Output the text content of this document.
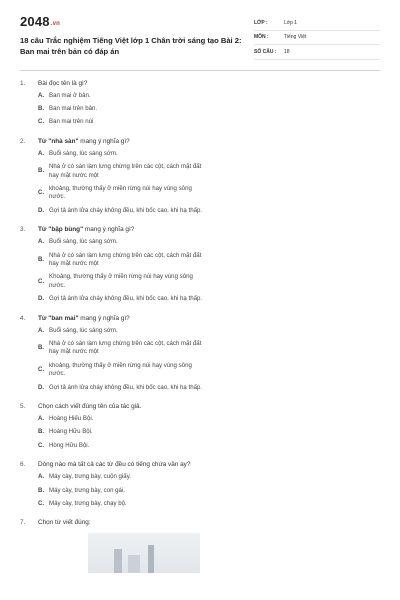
2048.vn
18 câu Trắc nghiệm Tiếng Việt lớp 1 Chân trời sáng tạo Bài 2: Ban mai trên bản có đáp án
LỚP :	Lớp 1
MÔN :	Tiếng Việt
SỐ CÂU :	18
1.	Bài đọc tên là gì?
A. Ban mai ở bản.
B. Ban mai trên bản.
C. Ban mai trên núi
2.	Từ "nhà sàn" mang ý nghĩa gì?
A. Buổi sáng, lúc sáng sớm.
B.
Nhà ở có sàn làm lưng chừng trên các cột, cách mặt đất hay mặt nước một
C.
khoảng, thường thấy ở miền rừng núi hay vùng sông nước.
D. Gợi tả ánh lửa cháy không đều, khi bốc cao, khi hạ thấp.
3.	Từ "bập bùng" mang ý nghĩa gì?
A. Buổi sáng, lúc sáng sớm.
B.
Nhà ở có sàn làm lưng chừng trên các cột, cách mặt đất hay mặt nước một
C.
Khoảng, thường thấy ở miền rừng núi hay vùng sông nước.
D. Gợi tả ánh lửa cháy không đều, khi bốc cao, khi hạ thấp.
4.	Từ "ban mai" mang ý nghĩa gì?
A. Buổi sáng, lúc sáng sớm.
B.
Nhà ở có sàn làm lưng chừng trên các cột, cách mặt đất hay mặt nước một
C.
khoảng, thường thấy ở miền rừng núi hay vùng sông nước.
D. Gợi tả ánh lửa cháy không đều, khi bốc cao, khi hạ thấp.
5.	Chọn cách viết đúng tên của tác giả.
A. Hoàng Hiếu Bội.
B. Hoàng Hữu Bội.
C. Hòng Hữu Bội.
6.	Dòng nào mà tất cả các từ đều có tiếng chứa vần ay?
A. Máy cày, trưng bày, cuộn giấy.
B. Máy cày, trưng bày, con gái.
C. Máy cày, trưng bày, chạy bộ.
7.	Chọn từ viết đúng:
